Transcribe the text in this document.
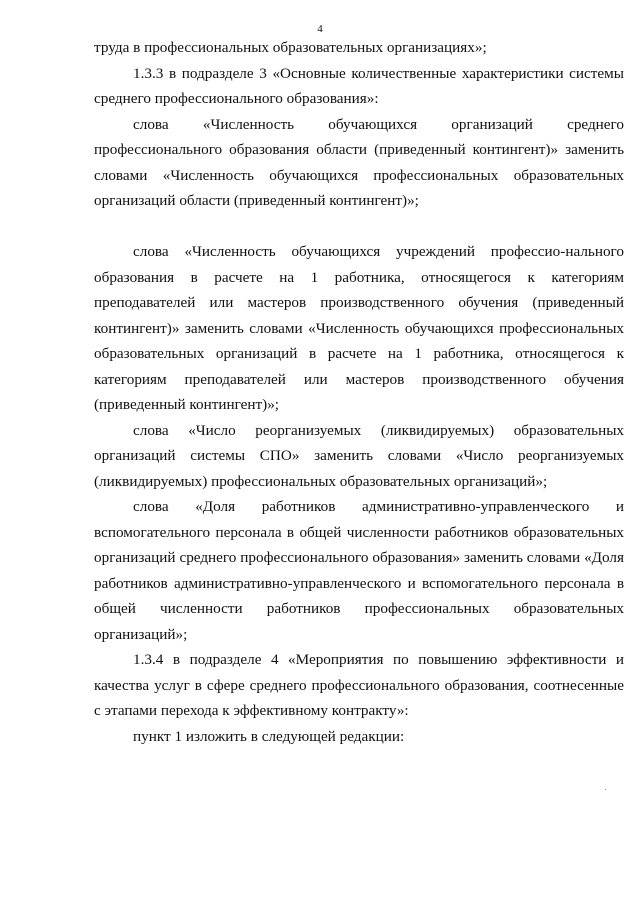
4

труда в профессиональных образовательных организациях»;

1.3.3 в подразделе 3 «Основные количественные характеристики системы среднего профессионального образования»:

слова «Численность обучающихся организаций среднего профессионального образования области (приведенный контингент)» заменить словами «Численность обучающихся профессиональных образовательных организаций области (приведенный контингент)»;

слова «Численность обучающихся учреждений профессио-нального образования в расчете на 1 работника, относящегося к категориям преподавателей или мастеров производственного обучения (приведенный контингент)» заменить словами «Численность обучающихся профессиональных образовательных организаций в расчете на 1 работника, относящегося к категориям преподавателей или мастеров производственного обучения (приведенный контингент)»;

слова «Число реорганизуемых (ликвидируемых) образовательных организаций системы СПО» заменить словами «Число реорганизуемых (ликвидируемых) профессиональных образовательных организаций»;

слова «Доля работников административно-управленческого и вспомогательного персонала в общей численности работников образовательных организаций среднего профессионального образования» заменить словами «Доля работников административно-управленческого и вспомогательного персонала в общей численности работников профессиональных образовательных организаций»;

1.3.4 в подразделе 4 «Мероприятия по повышению эффективности и качества услуг в сфере среднего профессионального образования, соотнесенные с этапами перехода к эффективному контракту»:

пункт 1 изложить в следующей редакции:
